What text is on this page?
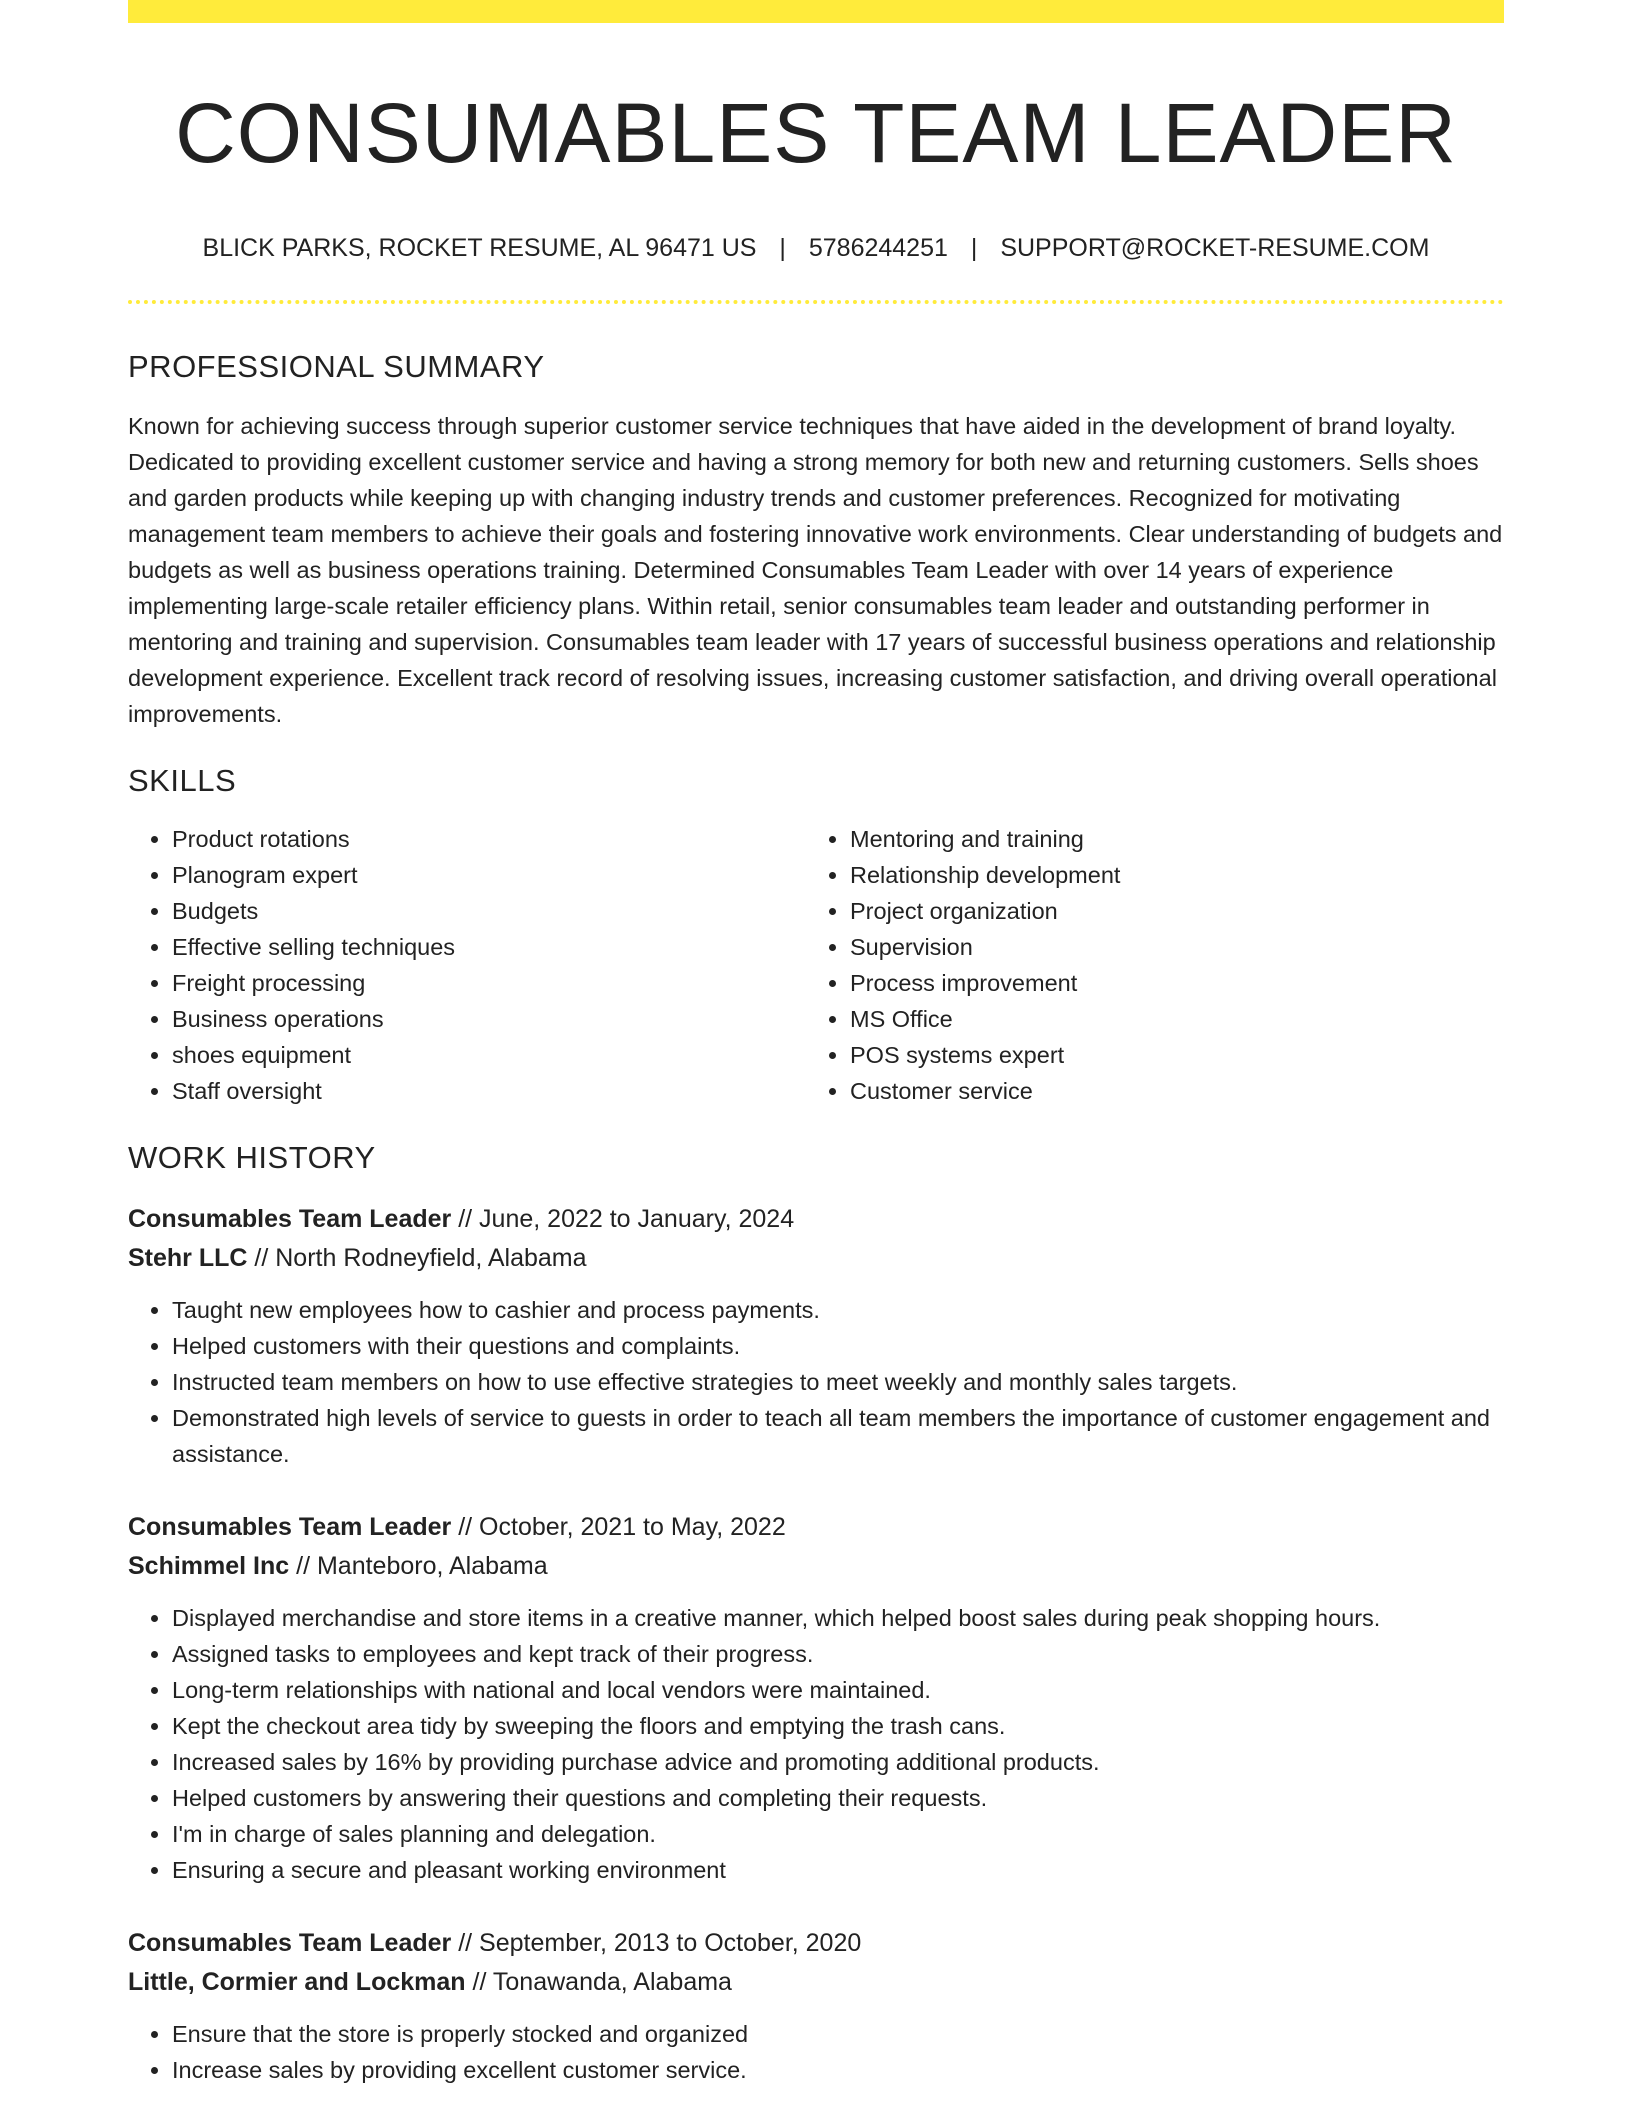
CONSUMABLES TEAM LEADER
BLICK PARKS, ROCKET RESUME, AL 96471 US | 5786244251 | SUPPORT@ROCKET-RESUME.COM
PROFESSIONAL SUMMARY
Known for achieving success through superior customer service techniques that have aided in the development of brand loyalty. Dedicated to providing excellent customer service and having a strong memory for both new and returning customers. Sells shoes and garden products while keeping up with changing industry trends and customer preferences. Recognized for motivating management team members to achieve their goals and fostering innovative work environments. Clear understanding of budgets and budgets as well as business operations training. Determined Consumables Team Leader with over 14 years of experience implementing large-scale retailer efficiency plans. Within retail, senior consumables team leader and outstanding performer in mentoring and training and supervision. Consumables team leader with 17 years of successful business operations and relationship development experience. Excellent track record of resolving issues, increasing customer satisfaction, and driving overall operational improvements.
SKILLS
• Product rotations
• Planogram expert
• Budgets
• Effective selling techniques
• Freight processing
• Business operations
• shoes equipment
• Staff oversight
• Mentoring and training
• Relationship development
• Project organization
• Supervision
• Process improvement
• MS Office
• POS systems expert
• Customer service
WORK HISTORY
Consumables Team Leader // June, 2022 to January, 2024
Stehr LLC // North Rodneyfield, Alabama
• Taught new employees how to cashier and process payments.
• Helped customers with their questions and complaints.
• Instructed team members on how to use effective strategies to meet weekly and monthly sales targets.
• Demonstrated high levels of service to guests in order to teach all team members the importance of customer engagement and assistance.
Consumables Team Leader // October, 2021 to May, 2022
Schimmel Inc // Manteboro, Alabama
• Displayed merchandise and store items in a creative manner, which helped boost sales during peak shopping hours.
• Assigned tasks to employees and kept track of their progress.
• Long-term relationships with national and local vendors were maintained.
• Kept the checkout area tidy by sweeping the floors and emptying the trash cans.
• Increased sales by 16% by providing purchase advice and promoting additional products.
• Helped customers by answering their questions and completing their requests.
• I'm in charge of sales planning and delegation.
• Ensuring a secure and pleasant working environment
Consumables Team Leader // September, 2013 to October, 2020
Little, Cormier and Lockman // Tonawanda, Alabama
• Ensure that the store is properly stocked and organized
• Increase sales by providing excellent customer service.
